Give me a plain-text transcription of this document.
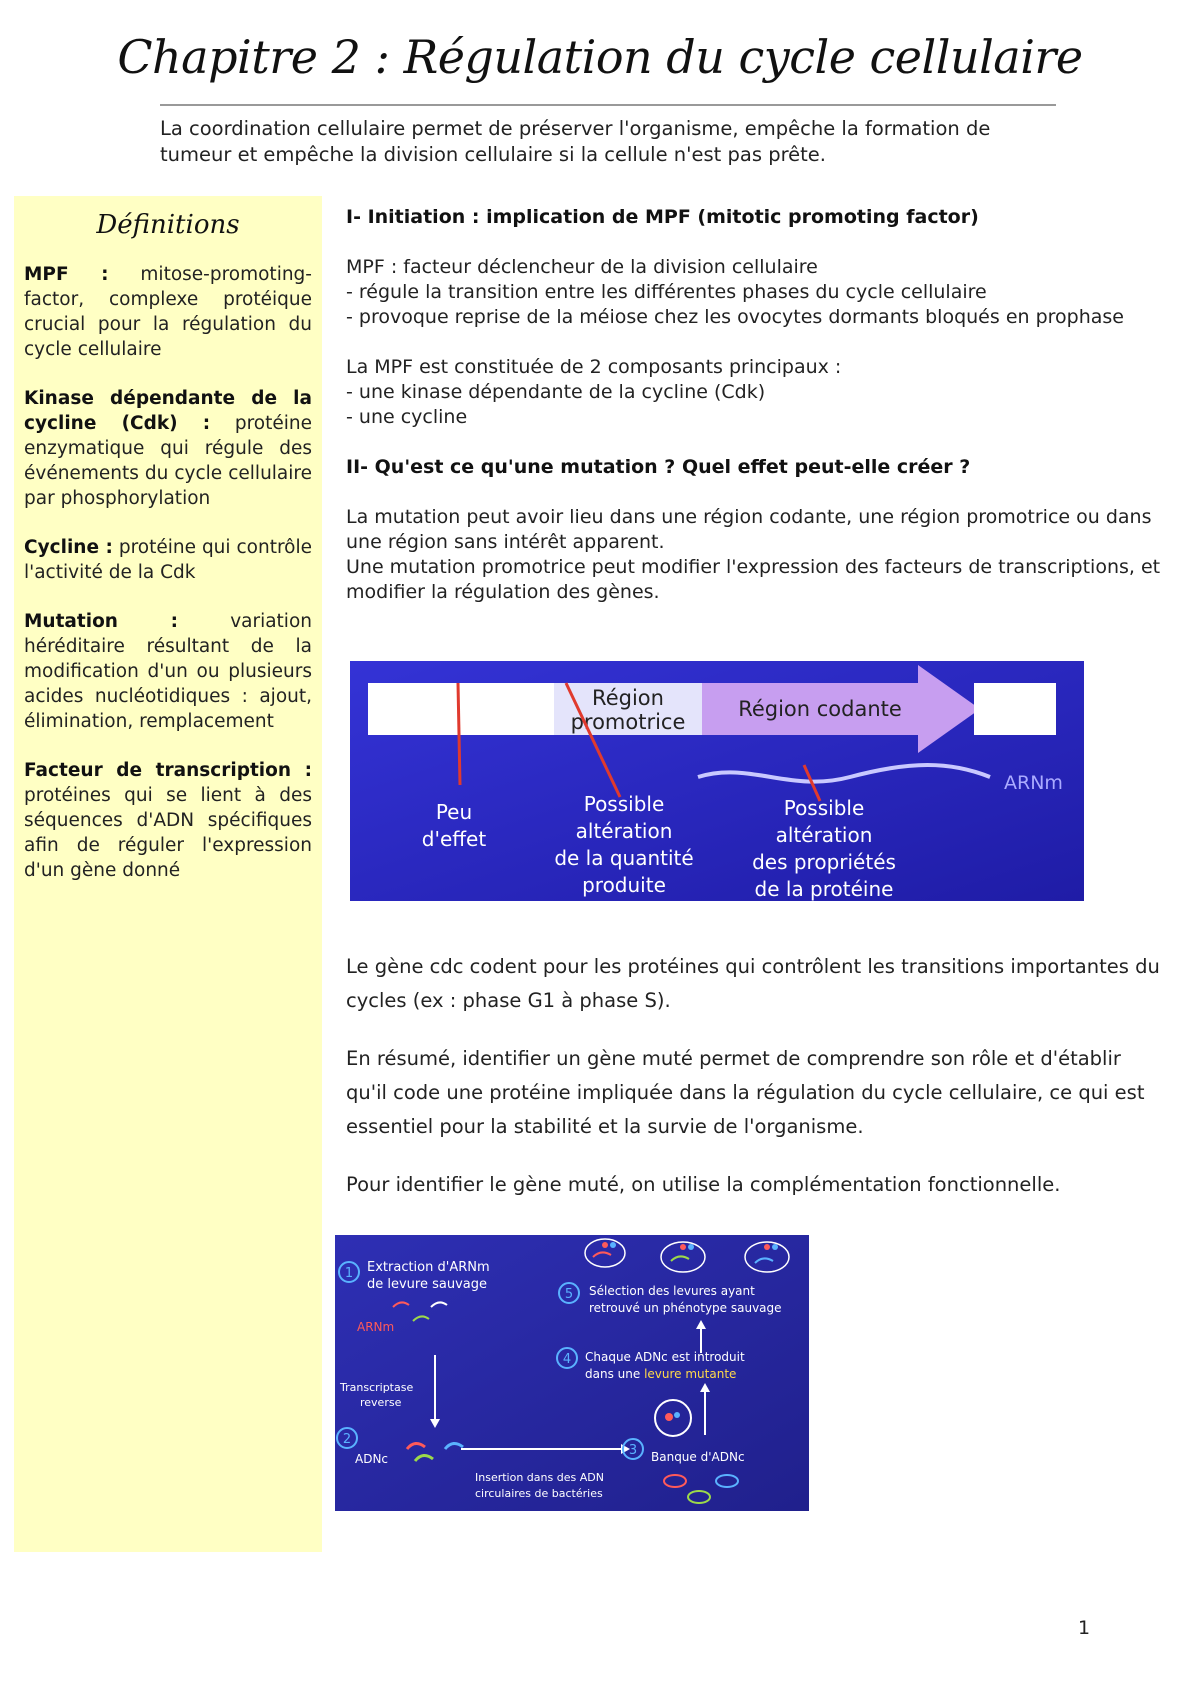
Chapitre 2 : Régulation du cycle cellulaire
La coordination cellulaire permet de préserver l'organisme, empêche la formation de tumeur et empêche la division cellulaire si la cellule n'est pas prête.
Définitions
MPF : mitose-promoting-factor, complexe protéique crucial pour la régulation du cycle cellulaire
Kinase dépendante de la cycline (Cdk) : protéine enzymatique qui régule des événements du cycle cellulaire par phosphorylation
Cycline : protéine qui contrôle l'activité de la Cdk
Mutation :	variation héréditaire résultant de la modification d'un ou plusieurs acides nucléotidiques : ajout, élimination, remplacement
Facteur de transcription : protéines qui se lient à des séquences d'ADN spécifiques afin de réguler l'expression d'un gène donné
I- Initiation : implication de MPF (mitotic promoting factor)

MPF : facteur déclencheur de la division cellulaire

- régule la transition entre les différentes phases du cycle cellulaire

- provoque reprise de la méiose chez les ovocytes dormants bloqués en prophase

La MPF est constituée de 2 composants principaux :

- une kinase dépendante de la cycline (Cdk)

- une cycline

II- Qu'est ce qu'une mutation ? Quel effet peut-elle créer ?

La mutation peut avoir lieu dans une région codante, une région promotrice ou dans une région sans intérêt apparent.

Une mutation promotrice peut modifier l'expression des facteurs de transcriptions, et modifier la régulation des gènes.

Région
promotrice
Région codante
ARNm
Peu
d'effet
Possible
altération
de la quantité
produite
Possible
altération
des propriétés
de la protéine

Le gène cdc codent pour les protéines qui contrôlent les transitions importantes du cycles (ex : phase G1 à phase S).

En résumé, identifier un gène muté permet de comprendre son rôle et d'établir qu'il code une protéine impliquée dans la régulation du cycle cellulaire, ce qui est essentiel pour la stabilité et la survie de l'organisme.

Pour identifier le gène muté, on utilise la complémentation fonctionnelle.

1 Extraction d'ARNm
de levure sauvage
ARNm
Transcriptase
reverse
2
ADNc
Insertion dans des ADN
circulaires de bactéries
3 Banque d'ADNc
4 Chaque ADNc est introduit
dans une levure mutante
5 Sélection des levures ayant
retrouvé un phénotype sauvage
1
